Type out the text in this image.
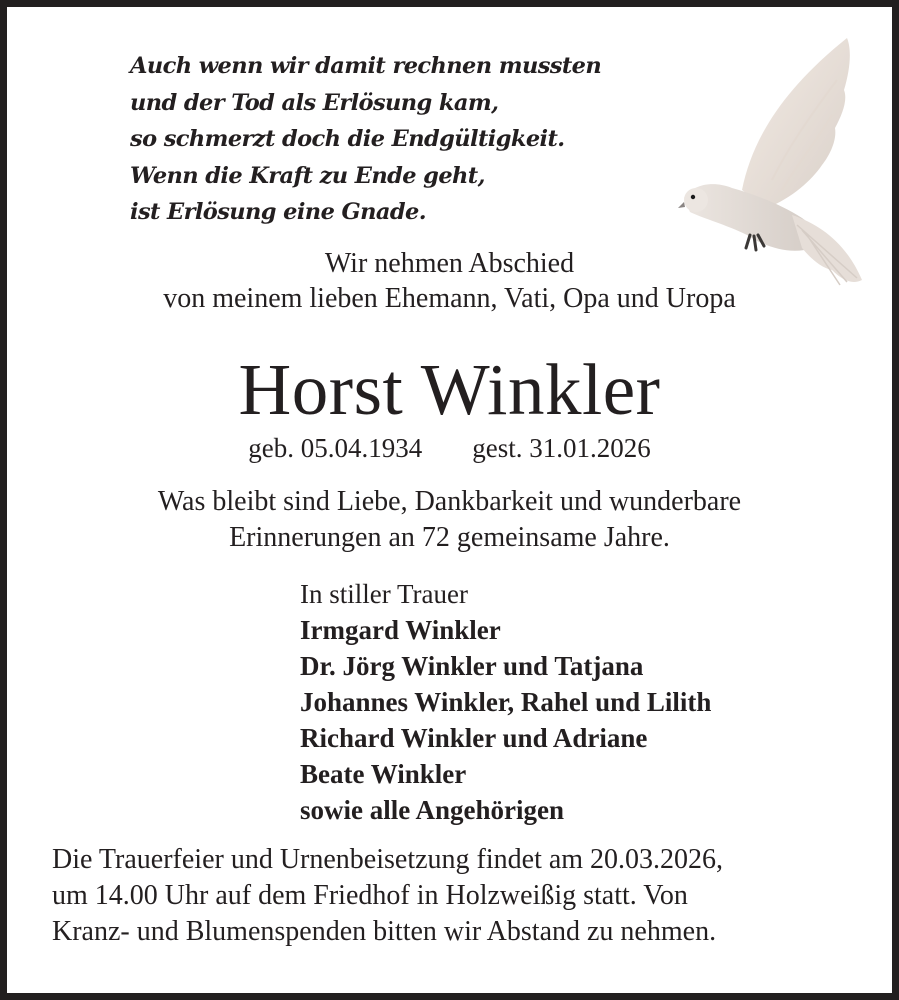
Auch wenn wir damit rechnen mussten
und der Tod als Erlösung kam,
so schmerzt doch die Endgültigkeit.
Wenn die Kraft zu Ende geht,
ist Erlösung eine Gnade.
Wir nehmen Abschied
von meinem lieben Ehemann, Vati, Opa und Uropa
Horst Winkler
geb. 05.04.1934 gest. 31.01.2026
Was bleibt sind Liebe, Dankbarkeit und wunderbare
Erinnerungen an 72 gemeinsame Jahre.
In stiller Trauer
Irmgard Winkler
Dr. Jörg Winkler und Tatjana
Johannes Winkler, Rahel und Lilith
Richard Winkler und Adriane
Beate Winkler
sowie alle Angehörigen
Die Trauerfeier und Urnenbeisetzung findet am 20.03.2026,
um 14.00 Uhr auf dem Friedhof in Holzweißig statt. Von
Kranz- und Blumenspenden bitten wir Abstand zu nehmen.
